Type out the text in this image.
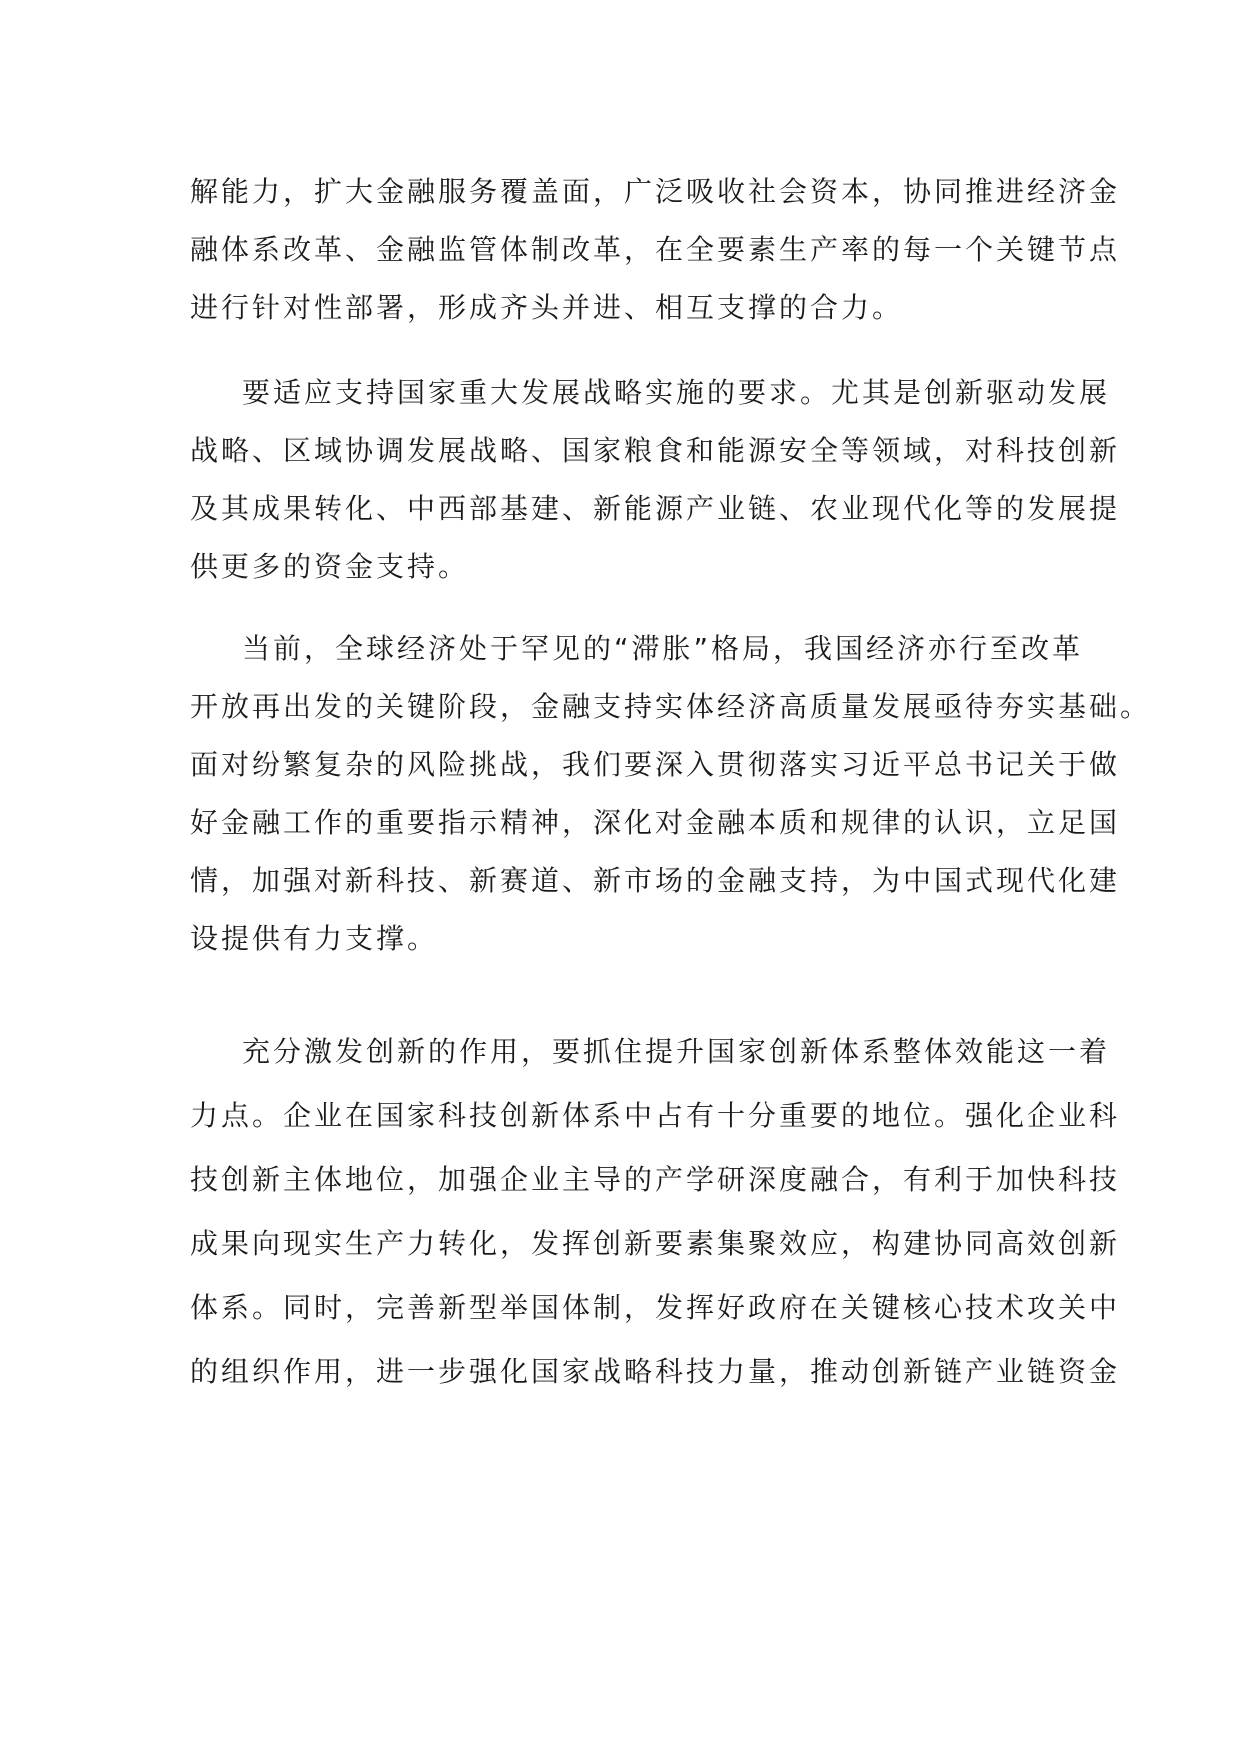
解能力，扩大金融服务覆盖面，广泛吸收社会资本，协同推进经济金
融体系改革、金融监管体制改革，在全要素生产率的每一个关键节点
进行针对性部署，形成齐头并进、相互支撑的合力。

要适应支持国家重大发展战略实施的要求。尤其是创新驱动发展
战略、区域协调发展战略、国家粮食和能源安全等领域，对科技创新
及其成果转化、中西部基建、新能源产业链、农业现代化等的发展提
供更多的资金支持。

当前，全球经济处于罕见的“滞胀”格局，我国经济亦行至改革
开放再出发的关键阶段，金融支持实体经济高质量发展亟待夯实基础。
面对纷繁复杂的风险挑战，我们要深入贯彻落实习近平总书记关于做
好金融工作的重要指示精神，深化对金融本质和规律的认识，立足国
情，加强对新科技、新赛道、新市场的金融支持，为中国式现代化建
设提供有力支撑。

充分激发创新的作用，要抓住提升国家创新体系整体效能这一着
力点。企业在国家科技创新体系中占有十分重要的地位。强化企业科
技创新主体地位，加强企业主导的产学研深度融合，有利于加快科技
成果向现实生产力转化，发挥创新要素集聚效应，构建协同高效创新
体系。同时，完善新型举国体制，发挥好政府在关键核心技术攻关中
的组织作用，进一步强化国家战略科技力量，推动创新链产业链资金
